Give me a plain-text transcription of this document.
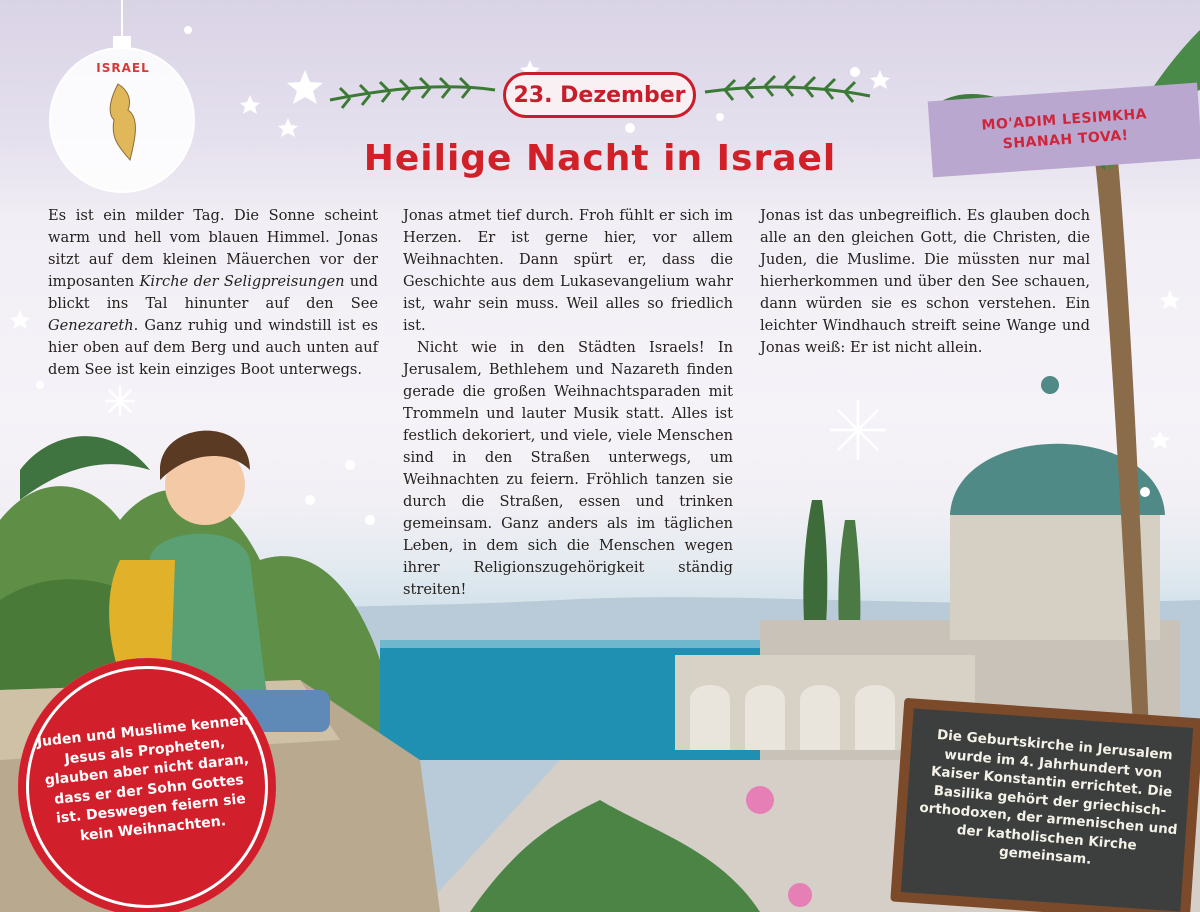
ISRAEL
23. Dezember
Heilige Nacht in Israel
MO'ADIM LESIMKHA
SHANAH TOVA!

Es ist ein milder Tag. Die Sonne scheint warm und hell vom blauen Himmel. Jonas sitzt auf dem kleinen Mäuerchen vor der imposanten Kirche der Seligpreisungen und blickt ins Tal hinunter auf den See Genezareth. Ganz ruhig und windstill ist es hier oben auf dem Berg und auch unten auf dem See ist kein einziges Boot unterwegs.

Jonas atmet tief durch. Froh fühlt er sich im Herzen. Er ist gerne hier, vor allem Weihnachten. Dann spürt er, dass die Geschichte aus dem Lukasevangelium wahr ist, wahr sein muss. Weil alles so friedlich ist.

Nicht wie in den Städten Israels! In Jerusalem, Bethlehem und Nazareth finden gerade die großen Weihnachtsparaden mit Trommeln und lauter Musik statt. Alles ist festlich dekoriert, und viele, viele Menschen sind in den Straßen unterwegs, um Weihnachten zu feiern. Fröhlich tanzen sie durch die Straßen, essen und trinken gemeinsam. Ganz anders als im täglichen Leben, in dem sich die Menschen wegen ihrer Religionszugehörigkeit ständig streiten!

Jonas ist das unbegreiflich. Es glauben doch alle an den gleichen Gott, die Christen, die Juden, die Muslime. Die müssten nur mal hierherkommen und über den See schauen, dann würden sie es schon verstehen. Ein leichter Windhauch streift seine Wange und Jonas weiß: Er ist nicht allein.

Juden und Muslime kennen Jesus als Propheten, glauben aber nicht daran, dass er der Sohn Gottes ist. Deswegen feiern sie kein Weihnachten.
Die Geburtskirche in Jerusalem wurde im 4. Jahrhundert von Kaiser Konstantin errichtet. Die Basilika gehört der griechisch-orthodoxen, der armenischen und der katholischen Kirche gemeinsam.
